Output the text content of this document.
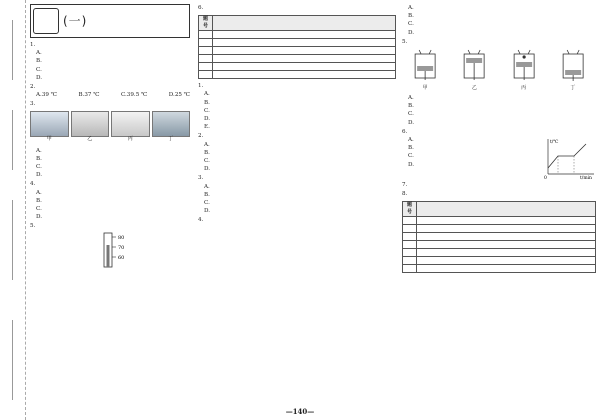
(一)
1.
A.
B.
C.
D.
2.
A.39 ℃	B.37 ℃	C.39.5 ℃	D.25 ℃
3.
甲	乙	丙	丁
A.
B.
C.
D.
4.
A.
B.
C.
D.
5.
80
70
60
6.
题号	

1.
A.
B.
C.
D.
E.
2.
A.
B.
C.
D.
3.
A.
B.
C.
D.
4.
A.
B.
C.
D.
5.
甲	乙	丙	丁
A.
B.
C.
D.
6.
A.
B.
C.
D.
t/℃
t/min
0
7.
8.
题号	

—140—
